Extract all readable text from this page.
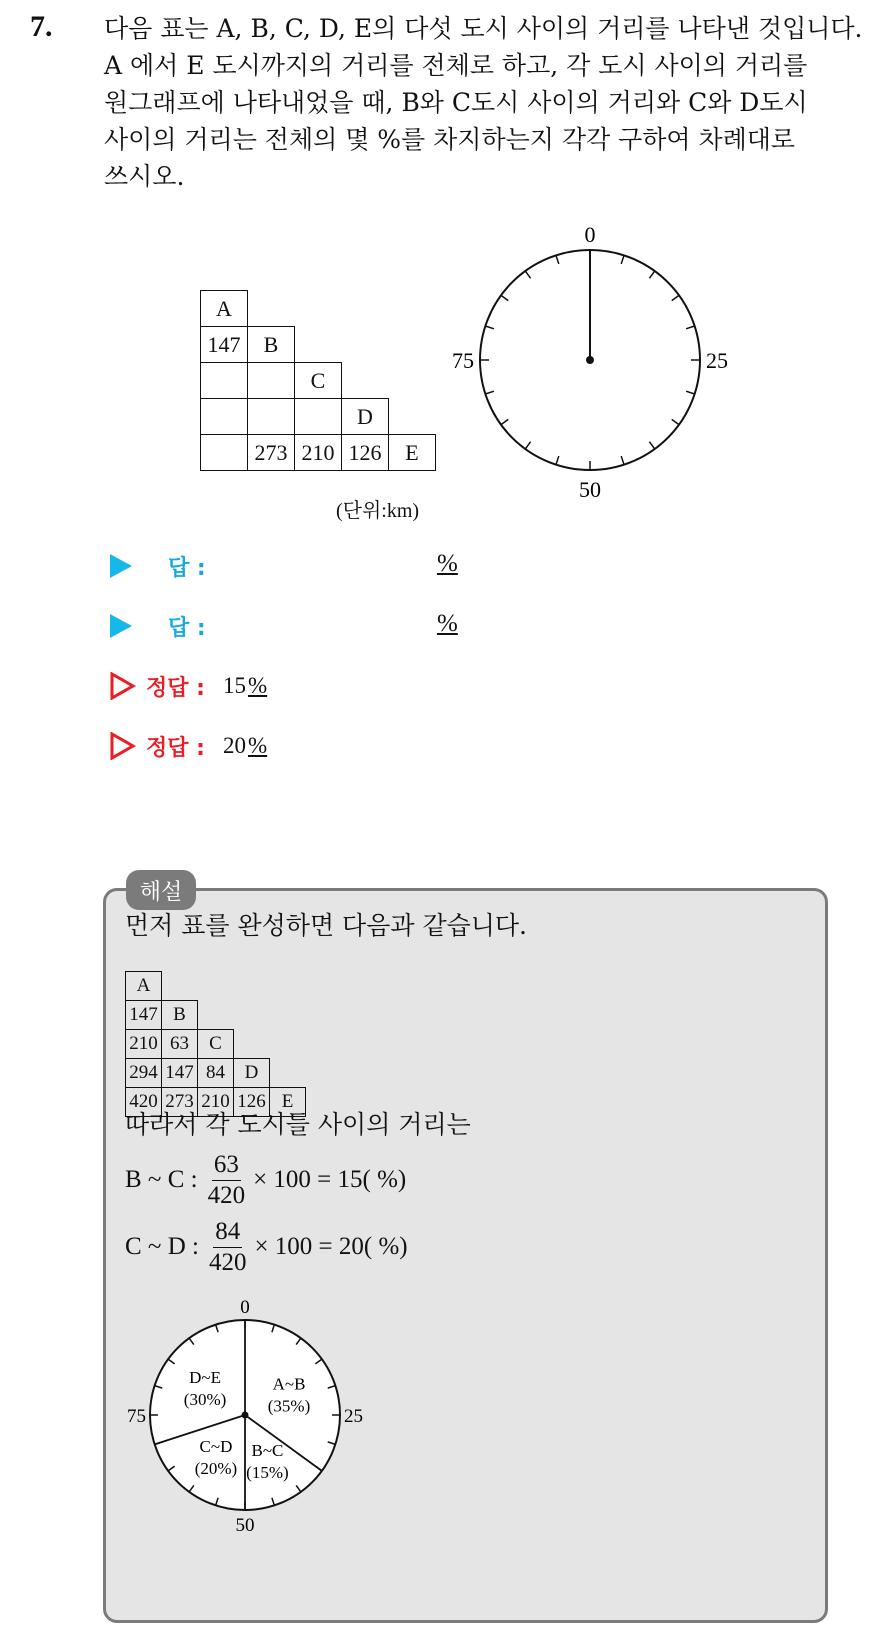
7. 다음 표는 A, B, C, D, E의 다섯 도시 사이의 거리를 나타낸 것입니다.
A 에서 E 도시까지의 거리를 전체로 하고, 각 도시 사이의 거리를
원그래프에 나타내었을 때, B와 C도시 사이의 거리와 C와 D도시
사이의 거리는 전체의 몇 %를 차지하는지 각각 구하여 차례대로
쓰시오.

A				
147	B			
		C		
			D	
	273	210	126	E
(단위:km)
0
25
50
75
답 :	%
답 :	%
정답 : 15%
정답 : 20%
해설
먼저 표를 완성하면 다음과 같습니다.
A				
147	B			
210	63	C		
294	147	84	D	
420	273	210	126	E
따라서 각 도시들 사이의 거리는
B ~ C : $\frac{63}{420} \times 100 = 15$( %)
C ~ D : $\frac{84}{420} \times 100 = 20$( %)
A~B
(35%)
B~C
(15%)
C~D
(20%)
D~E
(30%)
0
25
50
75
